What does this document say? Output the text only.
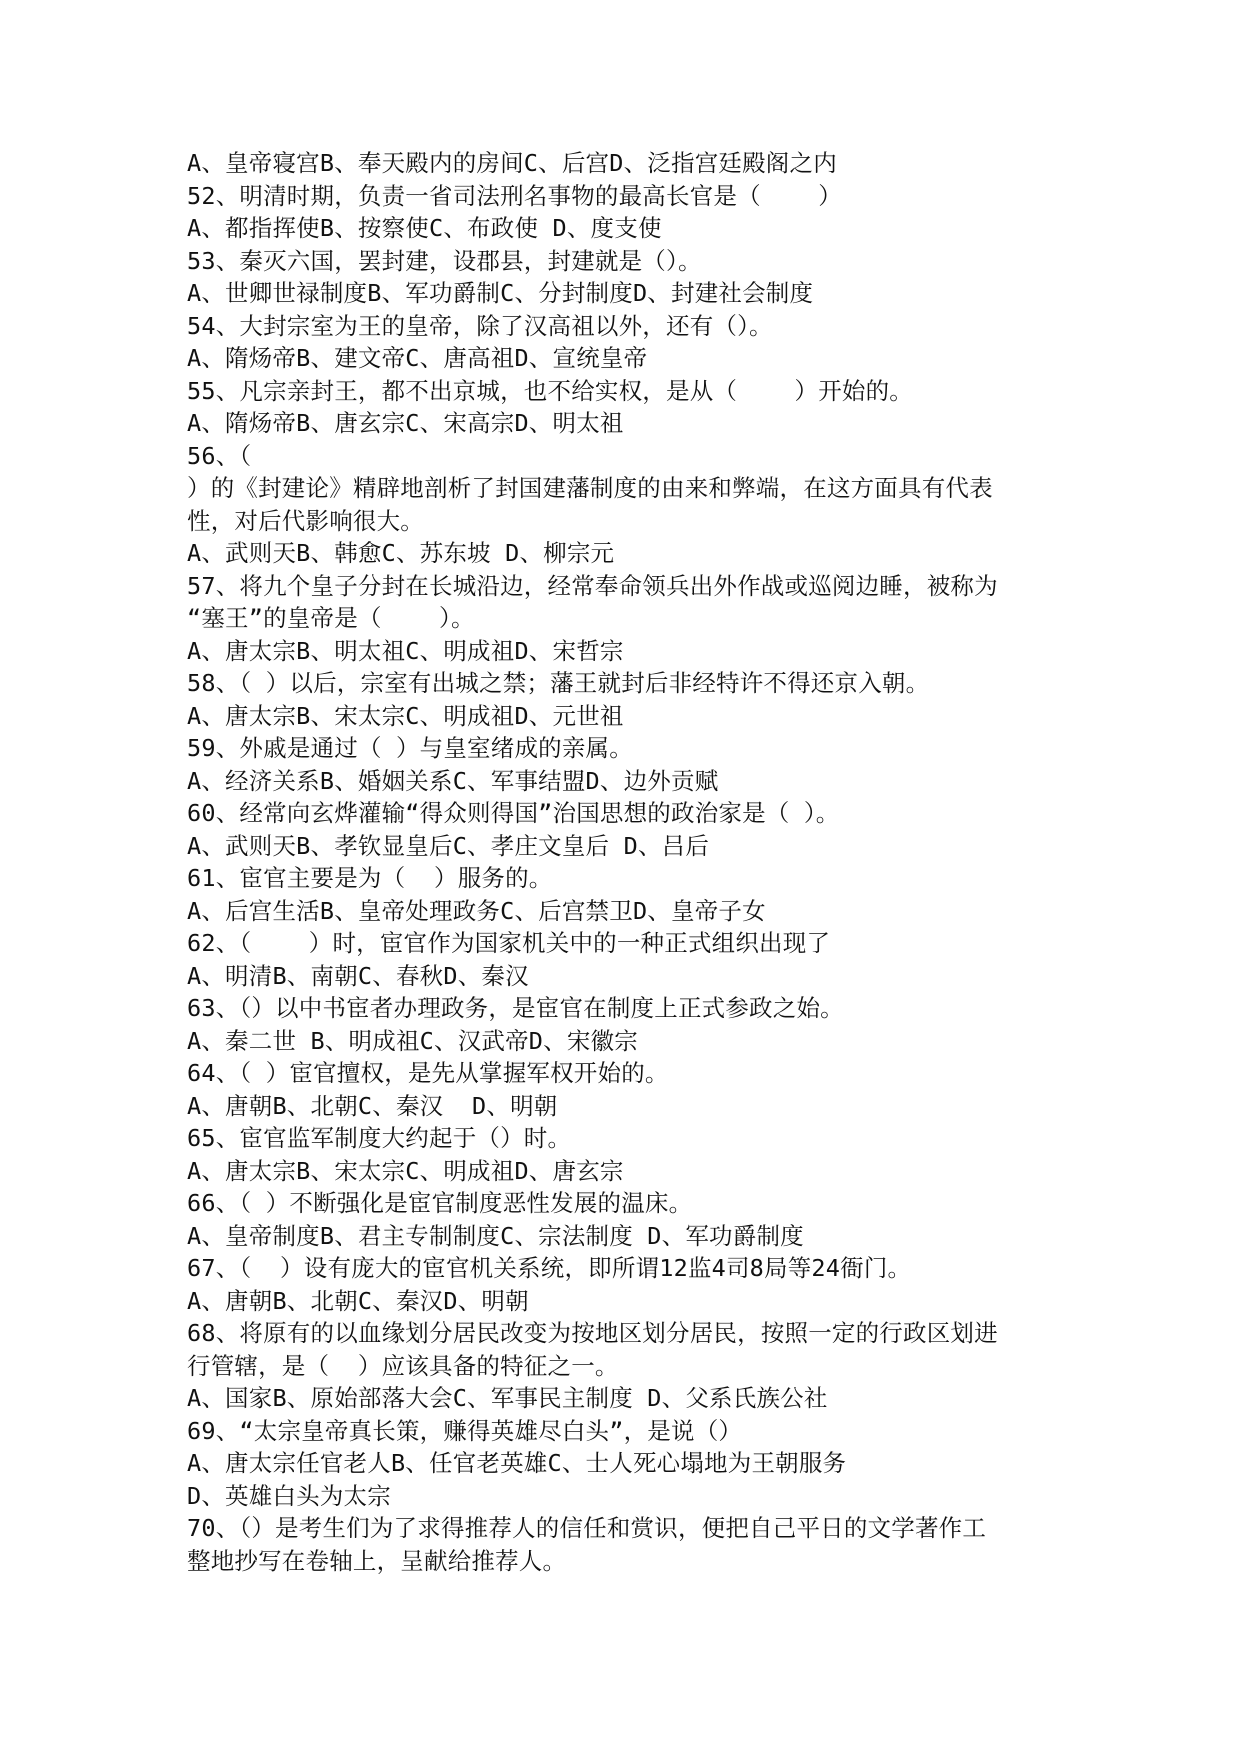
A、皇帝寝宫B、奉天殿内的房间C、后宫D、泛指宫廷殿阁之内
52、明清时期，负责一省司法刑名事物的最高长官是（    ）
A、都指挥使B、按察使C、布政使 D、度支使
53、秦灭六国，罢封建，设郡县，封建就是（）。
A、世卿世禄制度B、军功爵制C、分封制度D、封建社会制度
54、大封宗室为王的皇帝，除了汉高祖以外，还有（）。
A、隋炀帝B、建文帝C、唐高祖D、宣统皇帝
55、凡宗亲封王，都不出京城，也不给实权，是从（    ）开始的。
A、隋炀帝B、唐玄宗C、宋高宗D、明太祖
56、（
）的《封建论》精辟地剖析了封国建藩制度的由来和弊端，在这方面具有代表
性，对后代影响很大。
A、武则天B、韩愈C、苏东坡 D、柳宗元
57、将九个皇子分封在长城沿边，经常奉命领兵出外作战或巡阅边睡，被称为
“塞王”的皇帝是（    ）。
A、唐太宗B、明太祖C、明成祖D、宋哲宗
58、（ ）以后，宗室有出城之禁；藩王就封后非经特许不得还京入朝。
A、唐太宗B、宋太宗C、明成祖D、元世祖
59、外戚是通过（ ）与皇室绪成的亲属。
A、经济关系B、婚姻关系C、军事结盟D、边外贡赋
60、经常向玄烨灌输“得众则得国”治国思想的政治家是（ ）。
A、武则天B、孝钦显皇后C、孝庄文皇后 D、吕后
61、宦官主要是为（  ）服务的。
A、后宫生活B、皇帝处理政务C、后宫禁卫D、皇帝子女
62、（    ）时，宦官作为国家机关中的一种正式组织出现了
A、明清B、南朝C、春秋D、秦汉
63、（）以中书宦者办理政务，是宦官在制度上正式参政之始。
A、秦二世 B、明成祖C、汉武帝D、宋徽宗
64、（ ）宦官擅权，是先从掌握军权开始的。
A、唐朝B、北朝C、秦汉  D、明朝
65、宦官监军制度大约起于（）时。
A、唐太宗B、宋太宗C、明成祖D、唐玄宗
66、（ ）不断强化是宦官制度恶性发展的温床。
A、皇帝制度B、君主专制制度C、宗法制度 D、军功爵制度
67、（  ）设有庞大的宦官机关系统，即所谓12监4司8局等24衙门。
A、唐朝B、北朝C、秦汉D、明朝
68、将原有的以血缘划分居民改变为按地区划分居民，按照一定的行政区划进
行管辖，是（  ）应该具备的特征之一。
A、国家B、原始部落大会C、军事民主制度 D、父系氏族公社
69、“太宗皇帝真长策，赚得英雄尽白头”，是说（）
A、唐太宗任官老人B、任官老英雄C、士人死心塌地为王朝服务
D、英雄白头为太宗
70、（）是考生们为了求得推荐人的信任和赏识，便把自己平日的文学著作工
整地抄写在卷轴上，呈献给推荐人。
